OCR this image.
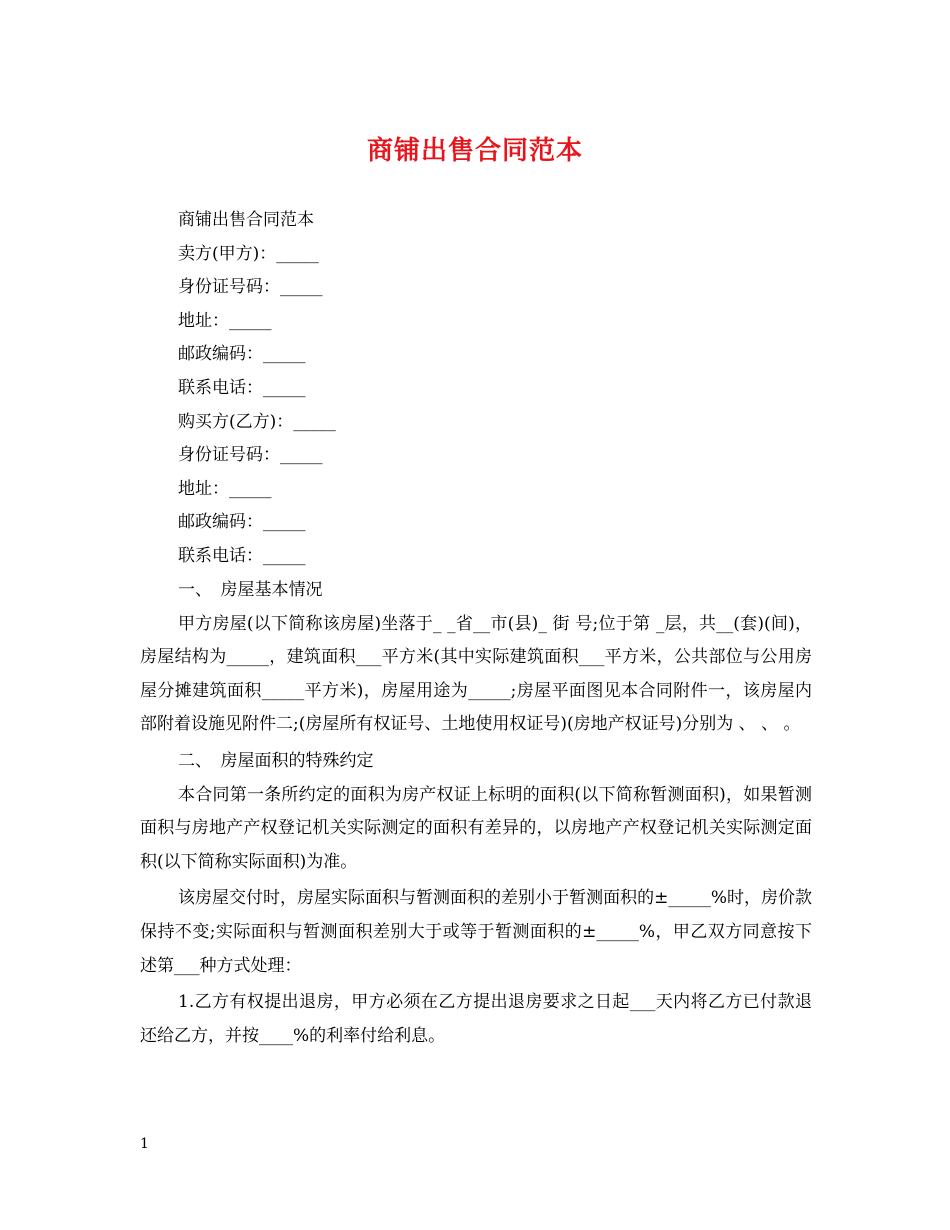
商铺出售合同范本
商铺出售合同范本
卖方(甲方)：_____
身份证号码：_____
地址：_____
邮政编码：_____
联系电话：_____
购买方(乙方)：_____
身份证号码：_____
地址：_____
邮政编码：_____
联系电话：_____
一、　房屋基本情况

甲方房屋(以下简称该房屋)坐落于_ _省__市(县)_ 街 号;位于第 _层，共__(套)(间)，房屋结构为_____，建筑面积___平方米(其中实际建筑面积___平方米，公共部位与公用房屋分摊建筑面积_____平方米)，房屋用途为_____;房屋平面图见本合同附件一，该房屋内部附着设施见附件二;(房屋所有权证号、土地使用权证号)(房地产权证号)分别为 、 、 。

二、　房屋面积的特殊约定

本合同第一条所约定的面积为房产权证上标明的面积(以下简称暂测面积)，如果暂测面积与房地产产权登记机关实际测定的面积有差异的，以房地产产权登记机关实际测定面积(以下简称实际面积)为准。

该房屋交付时，房屋实际面积与暂测面积的差别小于暂测面积的±_____%时，房价款保持不变;实际面积与暂测面积差别大于或等于暂测面积的±_____%，甲乙双方同意按下述第___种方式处理：

1.乙方有权提出退房，甲方必须在乙方提出退房要求之日起___天内将乙方已付款退还给乙方，并按____%的利率付给利息。

1
